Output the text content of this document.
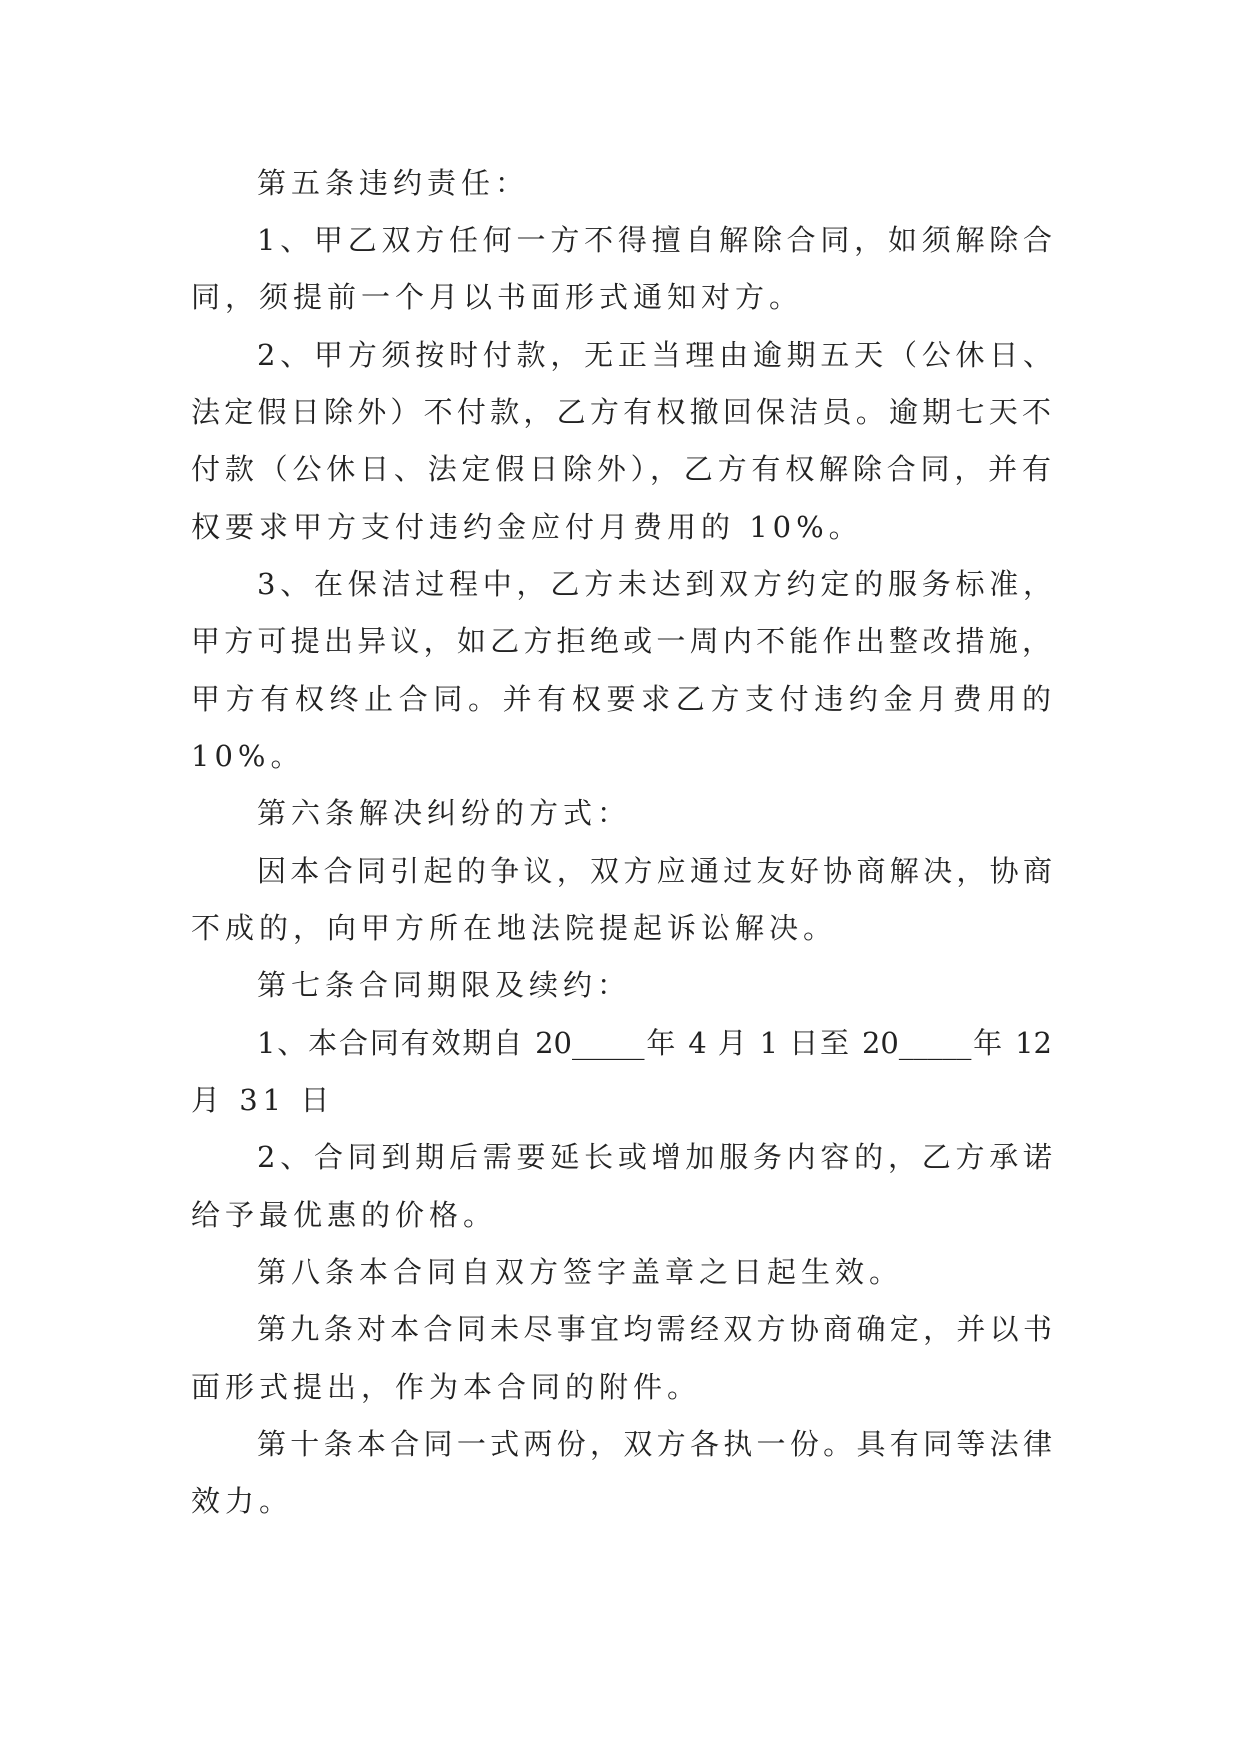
第五条违约责任：
1、甲乙双方任何一方不得擅自解除合同，如须解除合
同，须提前一个月以书面形式通知对方。
2、甲方须按时付款，无正当理由逾期五天（公休日、
法定假日除外）不付款，乙方有权撤回保洁员。逾期七天不
付款（公休日、法定假日除外），乙方有权解除合同，并有
权要求甲方支付违约金应付月费用的 10%。
3、在保洁过程中，乙方未达到双方约定的服务标准，
甲方可提出异议，如乙方拒绝或一周内不能作出整改措施，
甲方有权终止合同。并有权要求乙方支付违约金月费用的
10%。
第六条解决纠纷的方式：
因本合同引起的争议，双方应通过友好协商解决，协商
不成的，向甲方所在地法院提起诉讼解决。
第七条合同期限及续约：
1、本合同有效期自 20_____年 4 月 1 日至 20_____年 12
月 31 日
2、合同到期后需要延长或增加服务内容的，乙方承诺
给予最优惠的价格。
第八条本合同自双方签字盖章之日起生效。
第九条对本合同未尽事宜均需经双方协商确定，并以书
面形式提出，作为本合同的附件。
第十条本合同一式两份，双方各执一份。具有同等法律
效力。
